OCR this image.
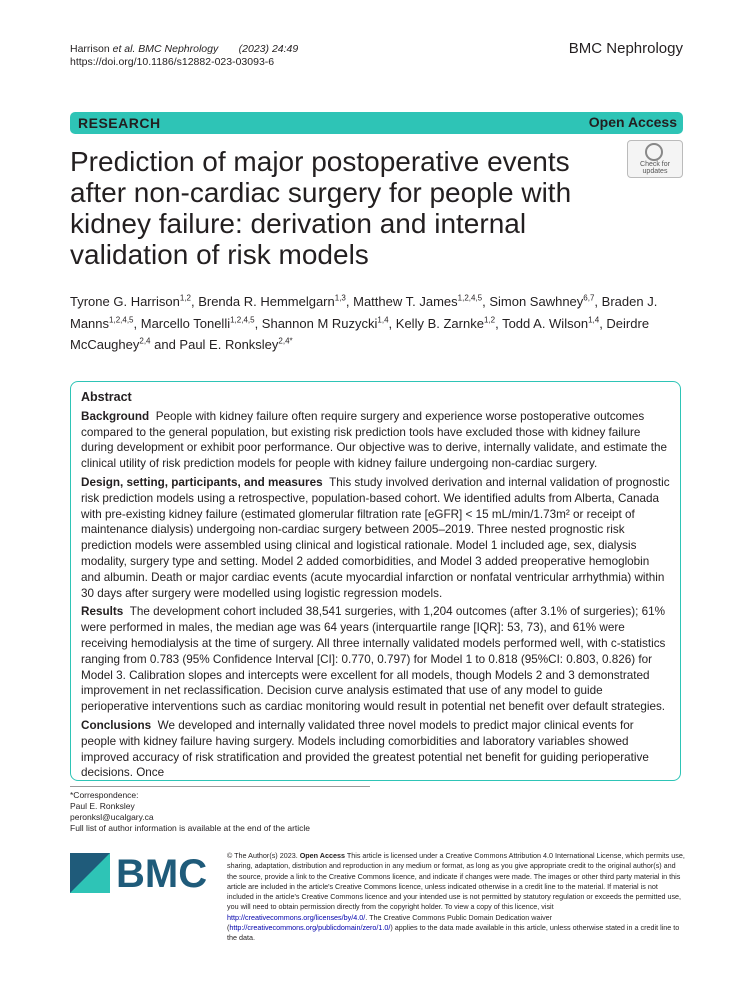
Harrison et al. BMC Nephrology (2023) 24:49
https://doi.org/10.1186/s12882-023-03093-6
BMC Nephrology
RESEARCH	Open Access
Prediction of major postoperative events after non-cardiac surgery for people with kidney failure: derivation and internal validation of risk models
Check for
updates
Tyrone G. Harrison$^{1,2}$, Brenda R. Hemmelgarn$^{1,3}$, Matthew T. James$^{1,2,4,5}$, Simon Sawhney$^{6,7}$, Braden J. Manns$^{1,2,4,5}$, Marcello Tonelli$^{1,2,4,5}$, Shannon M Ruzycki$^{1,4}$, Kelly B. Zarnke$^{1,2}$, Todd A. Wilson$^{1,4}$, Deirdre McCaughey$^{2,4}$ and Paul E. Ronksley$^{2,4*}$
Abstract

Background People with kidney failure often require surgery and experience worse postoperative outcomes compared to the general population, but existing risk prediction tools have excluded those with kidney failure during development or exhibit poor performance. Our objective was to derive, internally validate, and estimate the clinical utility of risk prediction models for people with kidney failure undergoing non-cardiac surgery.

Design, setting, participants, and measures This study involved derivation and internal validation of prognostic risk prediction models using a retrospective, population-based cohort. We identified adults from Alberta, Canada with pre-existing kidney failure (estimated glomerular filtration rate [eGFR] < 15 mL/min/1.73m² or receipt of maintenance dialysis) undergoing non-cardiac surgery between 2005–2019. Three nested prognostic risk prediction models were assembled using clinical and logistical rationale. Model 1 included age, sex, dialysis modality, surgery type and setting. Model 2 added comorbidities, and Model 3 added preoperative hemoglobin and albumin. Death or major cardiac events (acute myocardial infarction or nonfatal ventricular arrhythmia) within 30 days after surgery were modelled using logistic regression models.

Results The development cohort included 38,541 surgeries, with 1,204 outcomes (after 3.1% of surgeries); 61% were performed in males, the median age was 64 years (interquartile range [IQR]: 53, 73), and 61% were receiving hemodialysis at the time of surgery. All three internally validated models performed well, with c-statistics ranging from 0.783 (95% Confidence Interval [CI]: 0.770, 0.797) for Model 1 to 0.818 (95%CI: 0.803, 0.826) for Model 3. Calibration slopes and intercepts were excellent for all models, though Models 2 and 3 demonstrated improvement in net reclassification. Decision curve analysis estimated that use of any model to guide perioperative interventions such as cardiac monitoring would result in potential net benefit over default strategies.

Conclusions We developed and internally validated three novel models to predict major clinical events for people with kidney failure having surgery. Models including comorbidities and laboratory variables showed improved accuracy of risk stratification and provided the greatest potential net benefit for guiding perioperative decisions. Once

*Correspondence:
Paul E. Ronksley
peronksl@ucalgary.ca
Full list of author information is available at the end of the article
BMC	© The Author(s) 2023. Open Access This article is licensed under a Creative Commons Attribution 4.0 International License, which permits use, sharing, adaptation, distribution and reproduction in any medium or format, as long as you give appropriate credit to the original author(s) and the source, provide a link to the Creative Commons licence, and indicate if changes were made. The images or other third party material in this article are included in the article's Creative Commons licence, unless indicated otherwise in a credit line to the material. If material is not included in the article's Creative Commons licence and your intended use is not permitted by statutory regulation or exceeds the permitted use, you will need to obtain permission directly from the copyright holder. To view a copy of this licence, visit http://creativecommons.org/licenses/by/4.0/. The Creative Commons Public Domain Dedication waiver (http://creativecommons.org/publicdomain/zero/1.0/) applies to the data made available in this article, unless otherwise stated in a credit line to the data.
